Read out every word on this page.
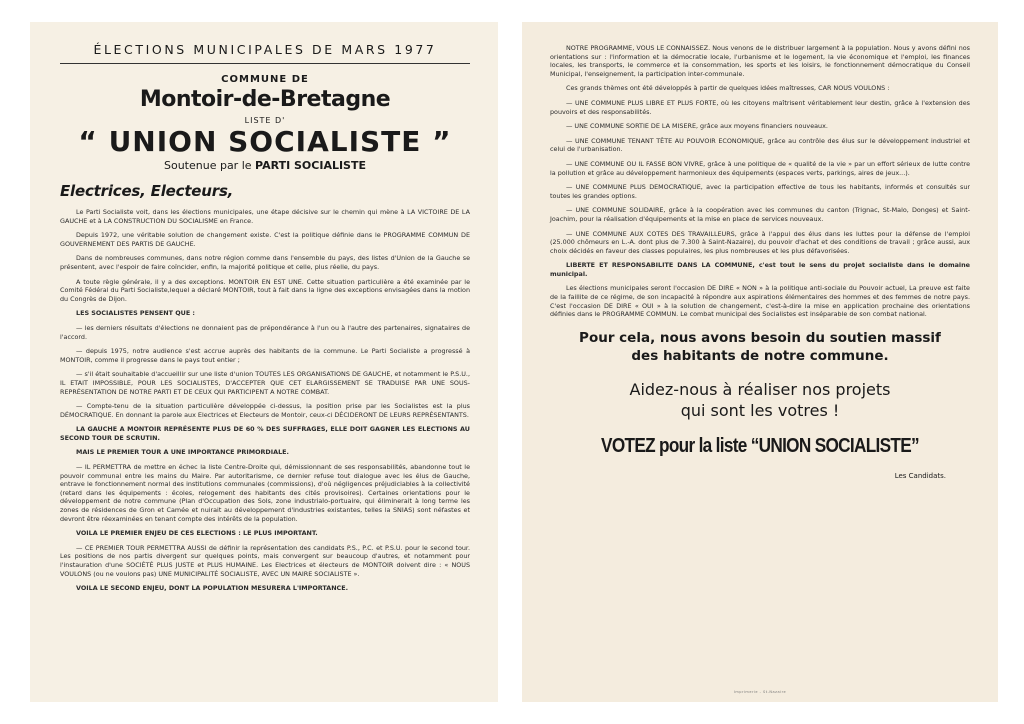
ÉLECTIONS MUNICIPALES DE MARS 1977
COMMUNE DE
Montoir-de-Bretagne
LISTE D'
“ UNION SOCIALISTE ”
Soutenue par le PARTI SOCIALISTE
Electrices, Electeurs,
Le Parti Socialiste voit, dans les élections municipales, une étape décisive sur le chemin qui mène à LA VICTOIRE DE LA GAUCHE et à LA CONSTRUCTION DU SOCIALISME en France.
Depuis 1972, une véritable solution de changement existe. C'est la politique définie dans le PROGRAMME COMMUN DE GOUVERNEMENT DES PARTIS DE GAUCHE.
Dans de nombreuses communes, dans notre région comme dans l'ensemble du pays, des listes d'Union de la Gauche se présentent, avec l'espoir de faire coïncider, enfin, la majorité politique et celle, plus réelle, du pays.
A toute règle générale, il y a des exceptions. MONTOIR EN EST UNE. Cette situation particulière a été examinée par le Comité Fédéral du Parti Socialiste,lequel a déclaré MONTOIR, tout à fait dans la ligne des exceptions envisagées dans la motion du Congrès de Dijon.
LES SOCIALISTES PENSENT QUE :
— les derniers résultats d'élections ne donnaient pas de prépondérance à l'un ou à l'autre des partenaires, signataires de l'accord.
— depuis 1975, notre audience s'est accrue auprès des habitants de la commune. Le Parti Socialiste a progressé à MONTOIR, comme il progresse dans le pays tout entier ;
— s'il était souhaitable d'accueillir sur une liste d'union TOUTES LES ORGANISATIONS DE GAUCHE, et notamment le P.S.U., IL ETAIT IMPOSSIBLE, POUR LES SOCIALISTES, D'ACCEPTER QUE CET ELARGISSEMENT SE TRADUISE PAR UNE SOUS-REPRÉSENTATION DE NOTRE PARTI ET DE CEUX QUI PARTICIPENT A NOTRE COMBAT.
— Compte-tenu de la situation particulière développée ci-dessus, la position prise par les Socialistes est la plus DÉMOCRATIQUE. En donnant la parole aux Electrices et Electeurs de Montoir, ceux-ci DÉCIDERONT DE LEURS REPRÉSENTANTS.
LA GAUCHE A MONTOIR REPRÉSENTE PLUS DE 60 % DES SUFFRAGES, ELLE DOIT GAGNER LES ELECTIONS AU SECOND TOUR DE SCRUTIN.
MAIS LE PREMIER TOUR A UNE IMPORTANCE PRIMORDIALE.
— IL PERMETTRA de mettre en échec la liste Centre-Droite qui, démissionnant de ses responsabilités, abandonne tout le pouvoir communal entre les mains du Maire. Par autoritarisme, ce dernier refuse tout dialogue avec les élus de Gauche, entrave le fonctionnement normal des institutions communales (commissions), d'où négligences préjudiciables à la collectivité (retard dans les équipements : écoles, relogement des habitants des cités provisoires). Certaines orientations pour le développement de notre commune (Plan d'Occupation des Sols, zone industrialo-portuaire, qui éliminerait à long terme les zones de résidences de Gron et Camée et nuirait au développement d'industries existantes, telles la SNIAS) sont néfastes et devront être réexaminées en tenant compte des intérêts de la population.
VOILA LE PREMIER ENJEU DE CES ELECTIONS : LE PLUS IMPORTANT.
— CE PREMIER TOUR PERMETTRA AUSSI de définir la représentation des candidats P.S., P.C. et P.S.U. pour le second tour. Les positions de nos partis divergent sur quelques points, mais convergent sur beaucoup d'autres, et notamment pour l'instauration d'une SOCIÉTÉ PLUS JUSTE et PLUS HUMAINE. Les Electrices et électeurs de MONTOIR doivent dire : « NOUS VOULONS (ou ne voulons pas) UNE MUNICIPALITÉ SOCIALISTE, AVEC UN MAIRE SOCIALISTE ».
VOILA LE SECOND ENJEU, DONT LA POPULATION MESURERA L'IMPORTANCE.
NOTRE PROGRAMME, VOUS LE CONNAISSEZ. Nous venons de le distribuer largement à la population. Nous y avons défini nos orientations sur : l'information et la démocratie locale, l'urbanisme et le logement, la vie économique et l'emploi, les finances locales, les transports, le commerce et la consommation, les sports et les loisirs, le fonctionnement démocratique du Conseil Municipal, l'enseignement, la participation inter-communale.
Ces grands thèmes ont été développés à partir de quelques idées maîtresses, CAR NOUS VOULONS :
— UNE COMMUNE PLUS LIBRE ET PLUS FORTE, où les citoyens maîtrisent véritablement leur destin, grâce à l'extension des pouvoirs et des responsabilités.
— UNE COMMUNE SORTIE DE LA MISERE, grâce aux moyens financiers nouveaux.
— UNE COMMUNE TENANT TÊTE AU POUVOIR ECONOMIQUE, grâce au contrôle des élus sur le développement industriel et celui de l'urbanisation.
— UNE COMMUNE OU IL FASSE BON VIVRE, grâce à une politique de « qualité de la vie » par un effort sérieux de lutte contre la pollution et grâce au développement harmonieux des équipements (espaces verts, parkings, aires de jeux...).
— UNE COMMUNE PLUS DEMOCRATIQUE, avec la participation effective de tous les habitants, informés et consultés sur toutes les grandes options.
— UNE COMMUNE SOLIDAIRE, grâce à la coopération avec les communes du canton (Trignac, St-Malo, Donges) et Saint-Joachim, pour la réalisation d'équipements et la mise en place de services nouveaux.
— UNE COMMUNE AUX COTES DES TRAVAILLEURS, grâce à l'appui des élus dans les luttes pour la défense de l'emploi (25.000 chômeurs en L.-A. dont plus de 7.300 à Saint-Nazaire), du pouvoir d'achat et des conditions de travail ; grâce aussi, aux choix décidés en faveur des classes populaires, les plus nombreuses et les plus défavorisées.
LIBERTE ET RESPONSABILITE DANS LA COMMUNE, c'est tout le sens du projet socialiste dans le domaine municipal.
Les élections municipales seront l'occasion DE DIRE « NON » à la politique anti-sociale du Pouvoir actuel, La preuve est faite de la faillite de ce régime, de son incapacité à répondre aux aspirations élémentaires des hommes et des femmes de notre pays. C'est l'occasion DE DIRE « OUI » à la solution de changement, c'est-à-dire la mise en application prochaine des orientations définies dans le PROGRAMME COMMUN. Le combat municipal des Socialistes est inséparable de son combat national.
Pour cela, nous avons besoin du soutien massif
des habitants de notre commune.
Aidez-nous à réaliser nos projets
qui sont les votres !
VOTEZ pour la liste “UNION SOCIALISTE”
Les Candidats.
Imprimerie - St-Nazaire
